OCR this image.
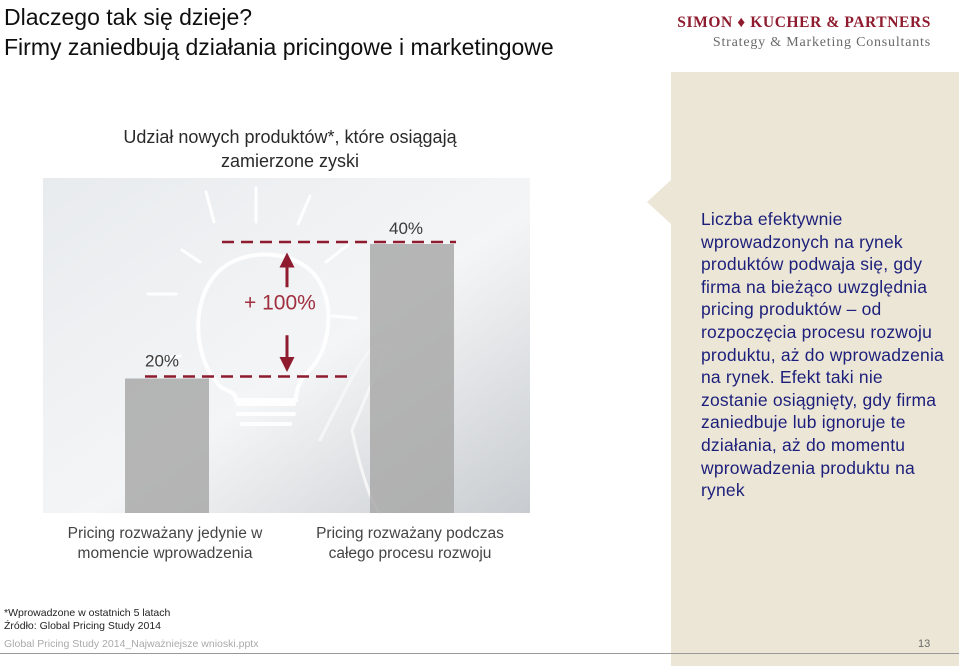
Dlaczego tak się dzieje?
Firmy zaniedbują działania pricingowe i marketingowe
SIMON ♦ KUCHER & PARTNERS
Strategy & Marketing Consultants
Udział nowych produktów*, które osiągają
zamierzone zyski
20%
Pricing rozważany jedynie w
momencie wprowadzenia
40%
Pricing rozważany podczas
całego procesu rozwoju
+ 100%
Liczba efektywnie wprowadzonych na rynek produktów podwaja się, gdy firma na bieżąco uwzględnia pricing produktów – od rozpoczęcia procesu rozwoju produktu, aż do wprowadzenia na rynek. Efekt taki nie zostanie osiągnięty, gdy firma zaniedbuje lub ignoruje te działania, aż do momentu wprowadzenia produktu na rynek
*Wprowadzone w ostatnich 5 latach
Źródło: Global Pricing Study 2014
Global Pricing Study 2014_Najważniejsze wnioski.pptx	13
